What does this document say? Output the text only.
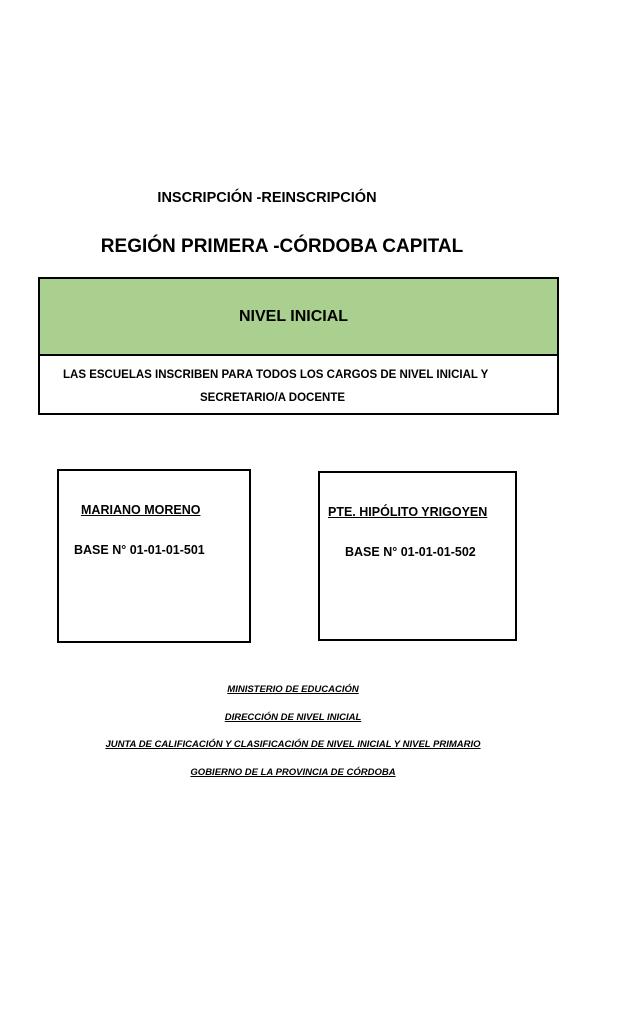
INSCRIPCIÓN -REINSCRIPCIÓN
REGIÓN PRIMERA -CÓRDOBA CAPITAL
NIVEL INICIAL
LAS ESCUELAS INSCRIBEN PARA TODOS LOS CARGOS DE NIVEL INICIAL Y
SECRETARIO/A DOCENTE
MARIANO MORENO
BASE N° 01-01-01-501
PTE. HIPÓLITO YRIGOYEN
BASE N° 01-01-01-502
MINISTERIO DE EDUCACIÓN
DIRECCIÓN DE NIVEL INICIAL
JUNTA DE CALIFICACIÓN Y CLASIFICACIÓN DE NIVEL INICIAL Y NIVEL PRIMARIO
GOBIERNO DE LA PROVINCIA DE CÓRDOBA
